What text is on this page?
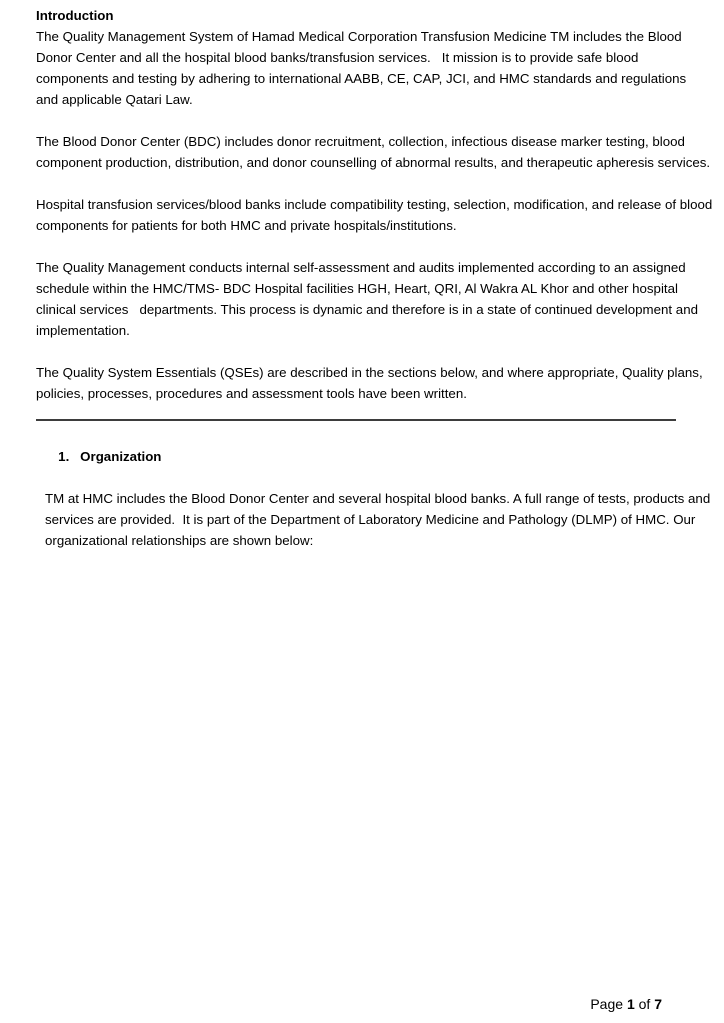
Introduction
The Quality Management System of Hamad Medical Corporation Transfusion Medicine TM includes the Blood
Donor Center and all the hospital blood banks/transfusion services.   It mission is to provide safe blood
components and testing by adhering to international AABB, CE, CAP, JCI, and HMC standards and regulations
and applicable Qatari Law.
The Blood Donor Center (BDC) includes donor recruitment, collection, infectious disease marker testing, blood
component production, distribution, and donor counselling of abnormal results, and therapeutic apheresis services.
Hospital transfusion services/blood banks include compatibility testing, selection, modification, and release of blood
components for patients for both HMC and private hospitals/institutions.
The Quality Management conducts internal self-assessment and audits implemented according to an assigned
schedule within the HMC/TMS- BDC Hospital facilities HGH, Heart, QRI, Al Wakra AL Khor and other hospital
clinical services   departments. This process is dynamic and therefore is in a state of continued development and
implementation.
The Quality System Essentials (QSEs) are described in the sections below, and where appropriate, Quality plans,
policies, processes, procedures and assessment tools have been written.

1. Organization

TM at HMC includes the Blood Donor Center and several hospital blood banks. A full range of tests, products and
services are provided.  It is part of the Department of Laboratory Medicine and Pathology (DLMP) of HMC. Our
organizational relationships are shown below:

Page 1 of 7
